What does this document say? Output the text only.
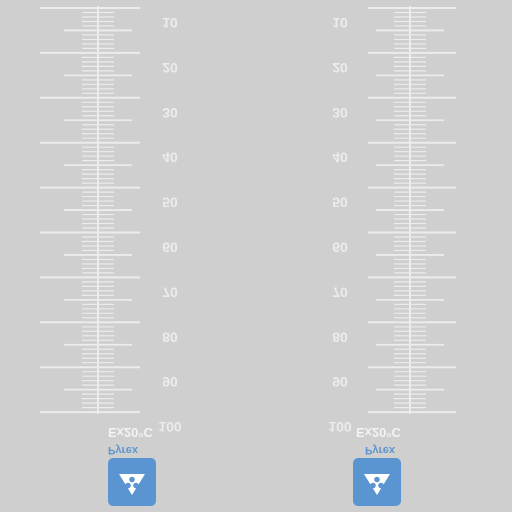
10
20
30
40
50
60
70
80
90
100
Ex20°C
Pyrex
10
20
30
40
50
60
70
80
90
100 Ex20°C
Pyrex
